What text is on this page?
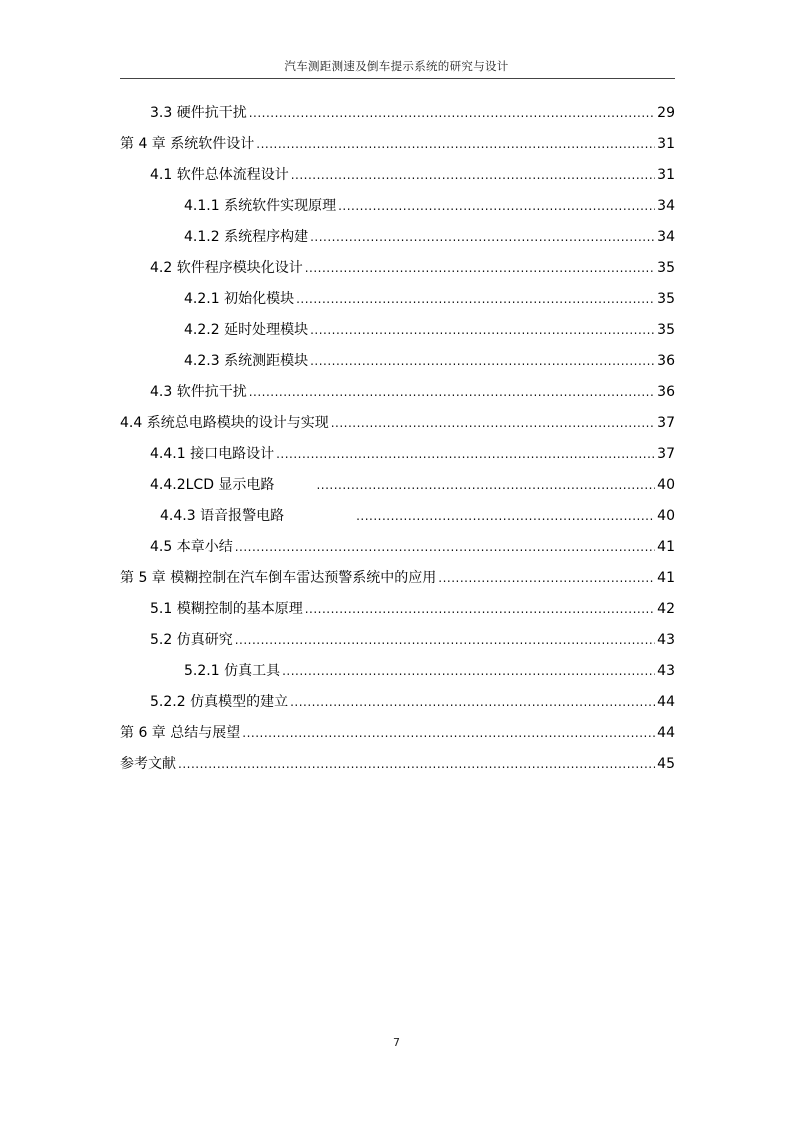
汽车测距测速及倒车提示系统的研究与设计
3.3 硬件抗干扰 .....	29
第 4 章 系统软件设计 .....	31
4.1 软件总体流程设计 .....	31
4.1.1 系统软件实现原理 .....	34
4.1.2 系统程序构建 .....	34
4.2 软件程序模块化设计 .....	35
4.2.1 初始化模块 .....	35
4.2.2 延时处理模块 .....	35
4.2.3 系统测距模块 .....	36
4.3 软件抗干扰 .....	36
4.4 系统总电路模块的设计与实现 .....	37
4.4.1 接口电路设计 .....	37
4.4.2LCD 显示电路 .....	40
4.4.3 语音报警电路 .....	40
4.5 本章小结 .....	41
第 5 章 模糊控制在汽车倒车雷达预警系统中的应用 .....	41
5.1 模糊控制的基本原理 .....	42
5.2 仿真研究 .....	43
5.2.1 仿真工具 .....	43
5.2.2 仿真模型的建立 .....	44
第 6 章 总结与展望 .....	44
参考文献 .....	45
7
